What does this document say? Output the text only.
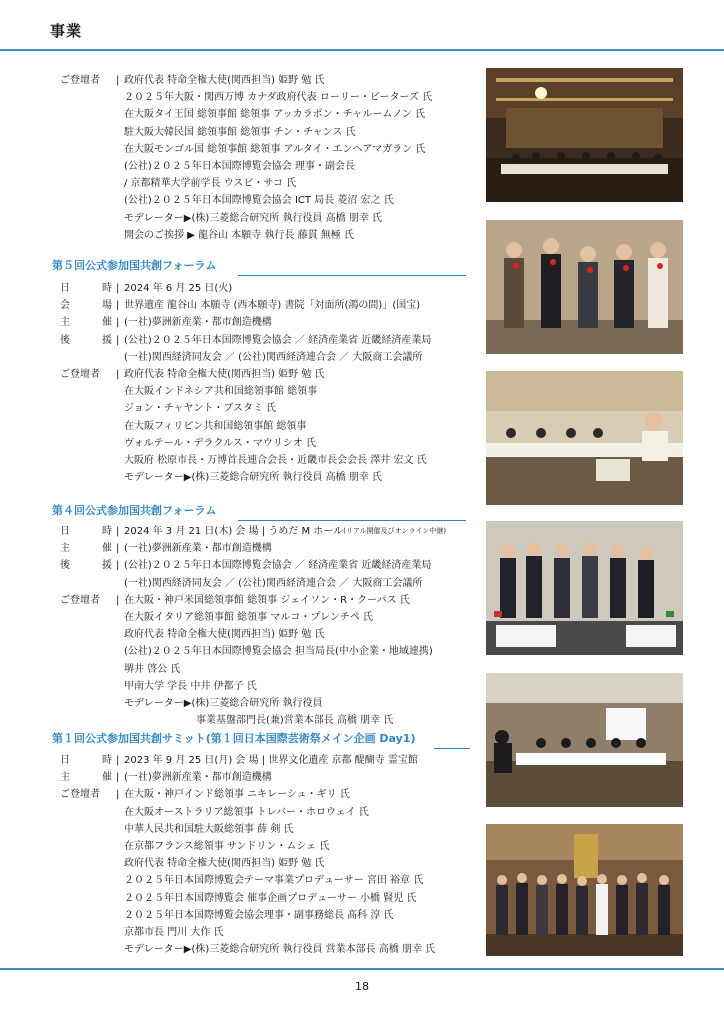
事業
ご登壇者	| 政府代表 特命全権大使(関西担当) 姫野 勉 氏
２０２５年大阪・関西万博 カナダ政府代表 ローリー・ピーターズ 氏
在大阪タイ王国 総領事館 総領事 アッカラポン・チャルームノン 氏
駐大阪大韓民国 総領事館 総領事 チン・チャンス 氏
在大阪モンゴル国 総領事館 総領事 アルタイ・エンヘアマガラン 氏
(公社)２０２５年日本国際博覧会協会 理事・副会長
/ 京都精華大学前学長 ウスビ・サコ 氏
(公社)２０２５年日本国際博覧会協会 ICT 局長 菱沼 宏之 氏
モデレーター▶(株)三菱総合研究所 執行役員 高橋 朋幸 氏
開会のご挨拶 ▶ 龍谷山 本願寺 執行長 藤貫 無極 氏
第５回公式参加国共創フォーラム
日	時 | 2024 年 6 月 25 日(火)
会	場 | 世界遺産 龍谷山 本願寺 (西本願寺) 書院「対面所(鴻の間)」(国宝)
主	催 | (一社)夢洲新産業・都市創造機構
後	援 | (公社)２０２５年日本国際博覧会協会 ／ 経済産業省 近畿経済産業局
(一社)関西経済同友会 ／ (公社)関西経済連合会 ／ 大阪商工会議所
ご登壇者	| 政府代表 特命全権大使(関西担当) 姫野 勉 氏
在大阪インドネシア共和国総領事館 総領事
ジョン・チャヤント・ブスタミ 氏
在大阪フィリピン共和国総領事館 総領事
ヴォルテール・デラクルス・マウリシオ 氏
大阪府 松原市長・万博首長連合会長・近畿市長会会長 澤井 宏文 氏
モデレーター▶(株)三菱総合研究所 執行役員 高橋 朋幸 氏
第４回公式参加国共創フォーラム
日	時 | 2024 年 3 月 21 日(木) 会 場 | うめだ M ホール (リアル開催及びオンライン中継)
主	催 | (一社)夢洲新産業・都市創造機構
後	援 | (公社)２０２５年日本国際博覧会協会 ／ 経済産業省 近畿経済産業局
(一社)関西経済同友会 ／ (公社)関西経済連合会 ／ 大阪商工会議所
ご登壇者	| 在大阪・神戸米国総領事館 総領事 ジェイソン・R・クーパス 氏
在大阪イタリア総領事館 総領事 マルコ・プレンチペ 氏
政府代表 特命全権大使(関西担当) 姫野 勉 氏
(公社)２０２５年日本国際博覧会協会 担当局長(中小企業・地域連携)
堺井 啓公 氏
甲南大学 学長 中井 伊都子 氏
モデレーター▶(株)三菱総合研究所 執行役員
事業基盤部門長(兼)営業本部長 高橋 朋幸 氏
第１回公式参加国共創サミット(第１回日本国際芸術祭メイン企画 Day1)
日	時 | 2023 年 9 月 25 日(月) 会 場 | 世界文化遺産 京都 醍醐寺 霊宝館
主	催 | (一社)夢洲新産業・都市創造機構
ご登壇者	| 在大阪・神戸インド総領事 ニキレーシュ・ギリ 氏
在大阪オーストラリア総領事 トレバー・ホロウェイ 氏
中華人民共和国駐大阪総領事 薛 剣 氏
在京都フランス総領事 サンドリン・ムシェ 氏
政府代表 特命全権大使(関西担当) 姫野 勉 氏
２０２５年日本国際博覧会テーマ事業プロデューサー 宮田 裕章 氏
２０２５年日本国際博覧会 催事企画プロデューサー 小橋 賢児 氏
２０２５年日本国際博覧会協会理事・副事務総長 髙科 淳 氏
京都市長 門川 大作 氏
モデレーター▶(株)三菱総合研究所 執行役員 営業本部長 高橋 朋幸 氏
18
